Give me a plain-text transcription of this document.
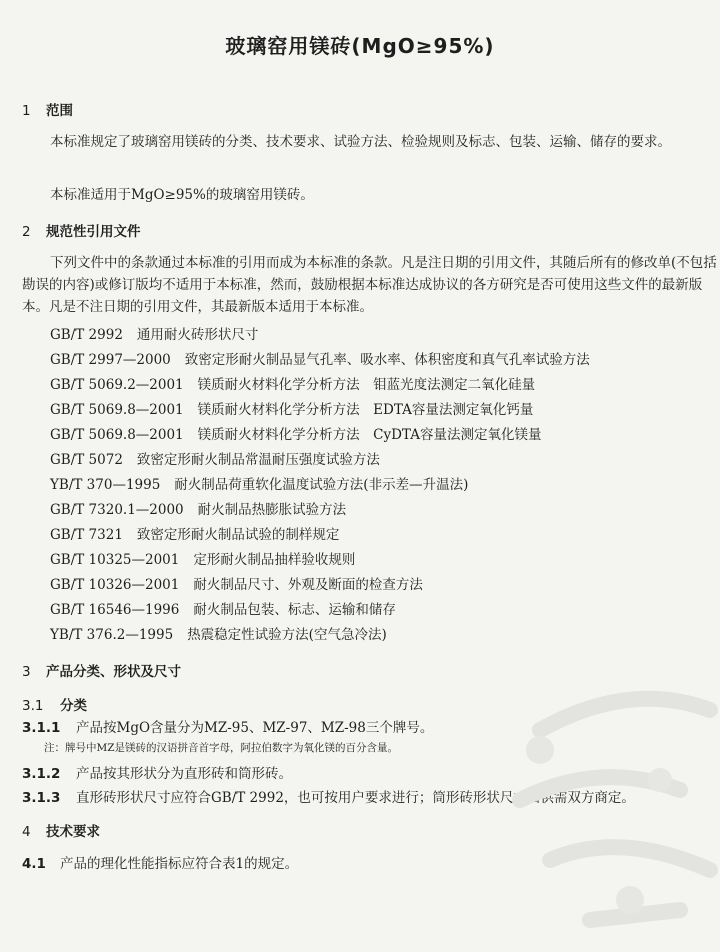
玻璃窑用镁砖(MgO≥95%)
1 范围
本标准规定了玻璃窑用镁砖的分类、技术要求、试验方法、检验规则及标志、包装、运输、储存的要求。
本标准适用于MgO≥95%的玻璃窑用镁砖。
2 规范性引用文件
下列文件中的条款通过本标准的引用而成为本标准的条款。凡是注日期的引用文件，其随后所有的修改单(不包括勘误的内容)或修订版均不适用于本标准，然而，鼓励根据本标准达成协议的各方研究是否可使用这些文件的最新版本。凡是不注日期的引用文件，其最新版本适用于本标准。
GB/T 2992 通用耐火砖形状尺寸
GB/T 2997—2000 致密定形耐火制品显气孔率、吸水率、体积密度和真气孔率试验方法
GB/T 5069.2—2001 镁质耐火材料化学分析方法　钼蓝光度法测定二氧化硅量
GB/T 5069.8—2001 镁质耐火材料化学分析方法　EDTA容量法测定氧化钙量
GB/T 5069.8—2001 镁质耐火材料化学分析方法　CyDTA容量法测定氧化镁量
GB/T 5072 致密定形耐火制品常温耐压强度试验方法
YB/T 370—1995 耐火制品荷重软化温度试验方法(非示差—升温法)
GB/T 7320.1—2000 耐火制品热膨胀试验方法
GB/T 7321 致密定形耐火制品试验的制样规定
GB/T 10325—2001 定形耐火制品抽样验收规则
GB/T 10326—2001 耐火制品尺寸、外观及断面的检查方法
GB/T 16546—1996 耐火制品包装、标志、运输和储存
YB/T 376.2—1995 热震稳定性试验方法(空气急冷法)
3 产品分类、形状及尺寸
3.1 分类
3.1.1 产品按MgO含量分为MZ-95、MZ-97、MZ-98三个牌号。
注：牌号中MZ是镁砖的汉语拼音首字母，阿拉伯数字为氧化镁的百分含量。
3.1.2 产品按其形状分为直形砖和筒形砖。
3.1.3 直形砖形状尺寸应符合GB/T 2992，也可按用户要求进行；筒形砖形状尺寸由供需双方商定。
4 技术要求
4.1 产品的理化性能指标应符合表1的规定。
